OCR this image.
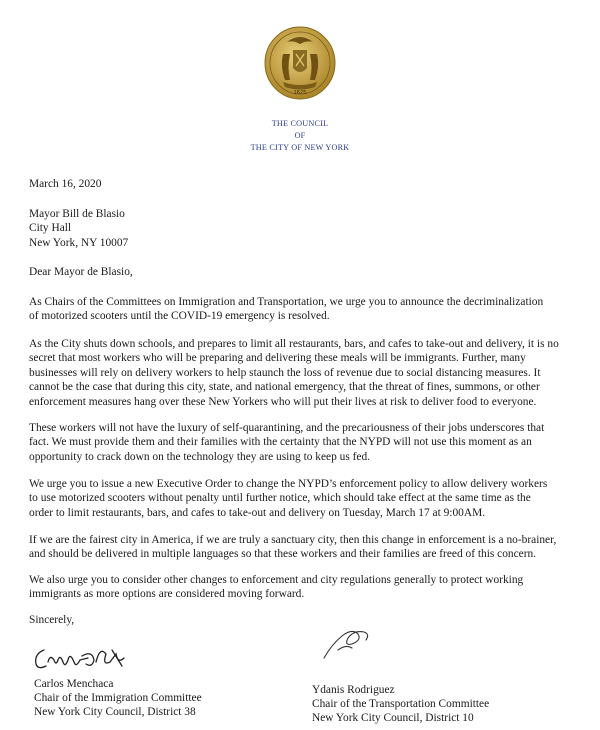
1625
THE COUNCIL
OF
THE CITY OF NEW YORK
March 16, 2020
Mayor Bill de Blasio
City Hall
New York, NY 10007
Dear Mayor de Blasio,
As Chairs of the Committees on Immigration and Transportation, we urge you to announce the decriminalization
of motorized scooters until the COVID-19 emergency is resolved.
As the City shuts down schools, and prepares to limit all restaurants, bars, and cafes to take-out and delivery, it is no
secret that most workers who will be preparing and delivering these meals will be immigrants. Further, many
businesses will rely on delivery workers to help staunch the loss of revenue due to social distancing measures. It
cannot be the case that during this city, state, and national emergency, that the threat of fines, summons, or other
enforcement measures hang over these New Yorkers who will put their lives at risk to deliver food to everyone.
These workers will not have the luxury of self-quarantining, and the precariousness of their jobs underscores that
fact. We must provide them and their families with the certainty that the NYPD will not use this moment as an
opportunity to crack down on the technology they are using to keep us fed.
We urge you to issue a new Executive Order to change the NYPD’s enforcement policy to allow delivery workers
to use motorized scooters without penalty until further notice, which should take effect at the same time as the
order to limit restaurants, bars, and cafes to take-out and delivery on Tuesday, March 17 at 9:00AM.
If we are the fairest city in America, if we are truly a sanctuary city, then this change in enforcement is a no-brainer,
and should be delivered in multiple languages so that these workers and their families are freed of this concern.
We also urge you to consider other changes to enforcement and city regulations generally to protect working
immigrants as more options are considered moving forward.
Sincerely,
Carlos Menchaca
Chair of the Immigration Committee
New York City Council, District 38
Ydanis Rodriguez
Chair of the Transportation Committee
New York City Council, District 10
